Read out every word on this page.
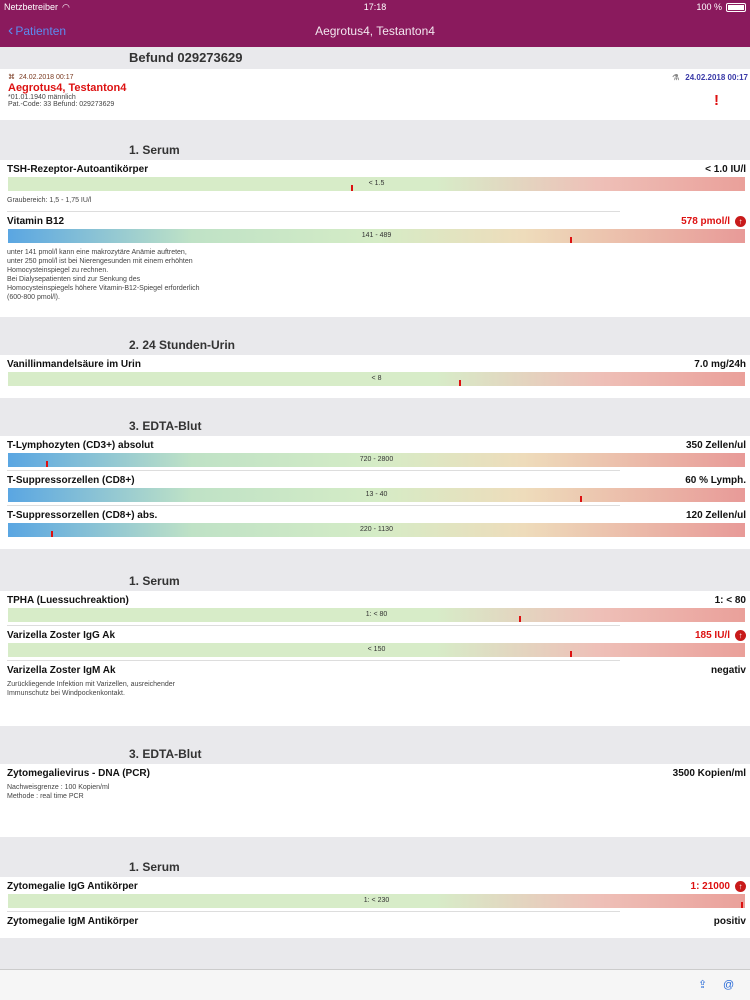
Netzbetreiber ◠	17:18	100 %
‹ Patienten	Aegrotus4, Testanton4
Befund 029273629
⌘ 24.02.2018 00:17
Aegrotus4, Testanton4
*01.01.1940 männlich
Pat.-Code: 33 Befund: 029273629
⚗ 24.02.2018 00:17
!
1. Serum
TSH-Rezeptor-Autoantikörper	< 1.0 IU/l
< 1.5
Graubereich: 1,5 - 1,75 IU/l
Vitamin B12	578 pmol/l	↑
141 - 489
unter 141 pmol/l kann eine makrozytäre Anämie auftreten,
unter 250 pmol/l ist bei Nierengesunden mit einem erhöhten
Homocysteinspiegel zu rechnen.
Bei Dialysepatienten sind zur Senkung des
Homocysteinspiegels höhere Vitamin-B12-Spiegel erforderlich
(600-800 pmol/l).
2. 24 Stunden-Urin
Vanillinmandelsäure im Urin	7.0 mg/24h
< 8
3. EDTA-Blut
T-Lymphozyten (CD3+) absolut	350 Zellen/ul
720 - 2800
T-Suppressorzellen (CD8+)	60 % Lymph.
13 - 40
T-Suppressorzellen (CD8+) abs.	120 Zellen/ul
220 - 1130
1. Serum
TPHA (Luessuchreaktion)	1: < 80
1: < 80
Varizella Zoster IgG Ak	185 IU/l	↑
< 150
Varizella Zoster IgM Ak	negativ
Zurückliegende Infektion mit Varizellen, ausreichender
Immunschutz bei Windpockenkontakt.
3. EDTA-Blut
Zytomegalievirus - DNA (PCR)	3500 Kopien/ml
Nachweisgrenze : 100 Kopien/ml
Methode : real time PCR
1. Serum
Zytomegalie IgG Antikörper	1: 21000	↑
1: < 230
Zytomegalie IgM Antikörper	positiv
⇪ @
